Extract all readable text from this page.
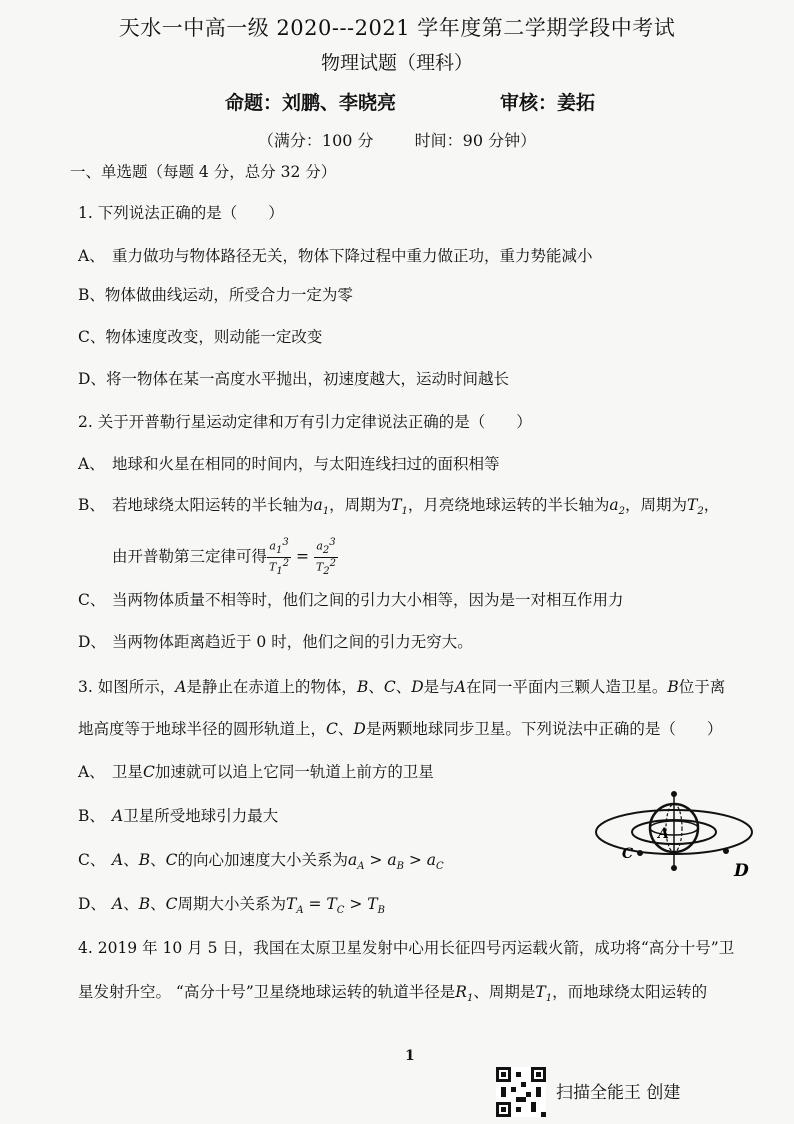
天水一中高一级 2020---2021 学年度第二学期学段中考试
物理试题（理科）
命题：刘鹏、李晓亮	审核：姜拓
（满分：100 分	时间：90 分钟）
一、单选题（每题 4 分，总分 32 分）
1. 下列说法正确的是（　　）
A、 重力做功与物体路径无关，物体下降过程中重力做正功，重力势能减小
B、物体做曲线运动，所受合力一定为零
C、物体速度改变，则动能一定改变
D、将一物体在某一高度水平抛出，初速度越大，运动时间越长
2. 关于开普勒行星运动定律和万有引力定律说法正确的是（　　）
A、 地球和火星在相同的时间内，与太阳连线扫过的面积相等
B、 若地球绕太阳运转的半长轴为$a_1$，周期为$T_1$，月亮绕地球运转的半长轴为$a_2$，周期为$T_2$，
由开普勒第三定律可得 $\frac{a_1^3}{T_1^2} = \frac{a_2^3}{T_2^2}$
C、 当两物体质量不相等时，他们之间的引力大小相等，因为是一对相互作用力
D、 当两物体距离趋近于 0 时，他们之间的引力无穷大。
3. 如图所示，A是静止在赤道上的物体，B、C、D是与A在同一平面内三颗人造卫星。B位于离
地高度等于地球半径的圆形轨道上，C、D是两颗地球同步卫星。下列说法中正确的是（　　）
A、 卫星C加速就可以追上它同一轨道上前方的卫星
B、 A卫星所受地球引力最大
C、 A、B、C的向心加速度大小关系为$a_A > a_B > a_C$
D、 A、B、C周期大小关系为$T_A = T_C > T_B$
A
C
D
4. 2019 年 10 月 5 日，我国在太原卫星发射中心用长征四号丙运载火箭，成功将“高分十号”卫
星发射升空。 “高分十号”卫星绕地球运转的轨道半径是$R_1$、周期是$T_1$，而地球绕太阳运转的
1
扫描全能王 创建
